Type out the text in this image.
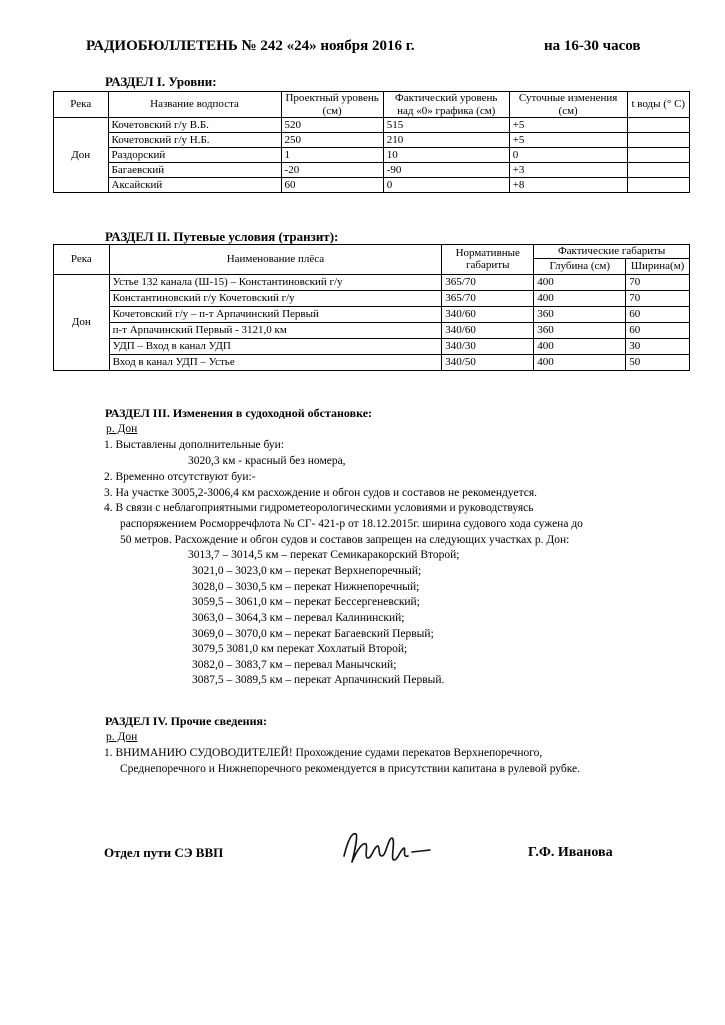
РАДИОБЮЛЛЕТЕНЬ № 242 «24» ноября 2016 г.	на 16-30 часов
РАЗДЕЛ I. Уровни:
Река	Название водпоста	Проектный уровень (см)	Фактический уровень над «0» графика (см)	Суточные изменения (см)	t воды (° С)
Дон	Кочетовский г/у В.Б.	520	515	+5	
	Кочетовский г/у Н.Б.	250	210	+5	
	Раздорский	1	10	0	
	Багаевский	-20	-90	+3	
	Аксайский	60	0	+8	
РАЗДЕЛ II. Путевые условия (транзит):
Река	Наименование плёса	Нормативные габариты	Фактические габариты	
			Глубина (см)	Ширина(м)
Дон	Устье 132 канала (Ш-15) – Константиновский г/у	365/70	400	70
	Константиновский г/у Кочетовский г/у	365/70	400	70
	Кочетовский г/у – п-т Арпачинский Первый	340/60	360	60
	п-т Арпачинский Первый - 3121,0 км	340/60	360	60
	УДП – Вход в канал УДП	340/30	400	30
	Вход в канал УДП – Устье	340/50	400	50
РАЗДЕЛ III. Изменения в судоходной обстановке:
р. Дон
1. Выставлены дополнительные буи:
3020,3 км - красный без номера,
2. Временно отсутствуют буи:-
3. На участке 3005,2-3006,4 км расхождение и обгон судов и составов не рекомендуется.
4. В связи с неблагоприятными гидрометеорологическими условиями и руководствуясь
распоряжением Росморречфлота № СГ- 421-р от 18.12.2015г. ширина судового хода сужена до
50 метров. Расхождение и обгон судов и составов запрещен на следующих участках р. Дон:
3013,7 – 3014,5 км – перекат Семикаракорский Второй;
3021,0 – 3023,0 км – перекат Верхнепоречный;
3028,0 – 3030,5 км – перекат Нижнепоречный;
3059,5 – 3061,0 км – перекат Бессергеневский;
3063,0 – 3064,3 км – перевал Калининский;
3069,0 – 3070,0 км – перекат Багаевский Первый;
3079,5 3081,0 км перекат Хохлатый Второй;
3082,0 – 3083,7 км – перевал Манычский;
3087,5 – 3089,5 км – перекат Арпачинский Первый.
РАЗДЕЛ IV. Прочие сведения:
р. Дон
1. ВНИМАНИЮ СУДОВОДИТЕЛЕЙ! Прохождение судами перекатов Верхнепоречного,
Среднепоречного и Нижнепоречного рекомендуется в присутствии капитана в рулевой рубке.
Отдел пути СЭ ВВП	Г.Ф. Иванова
